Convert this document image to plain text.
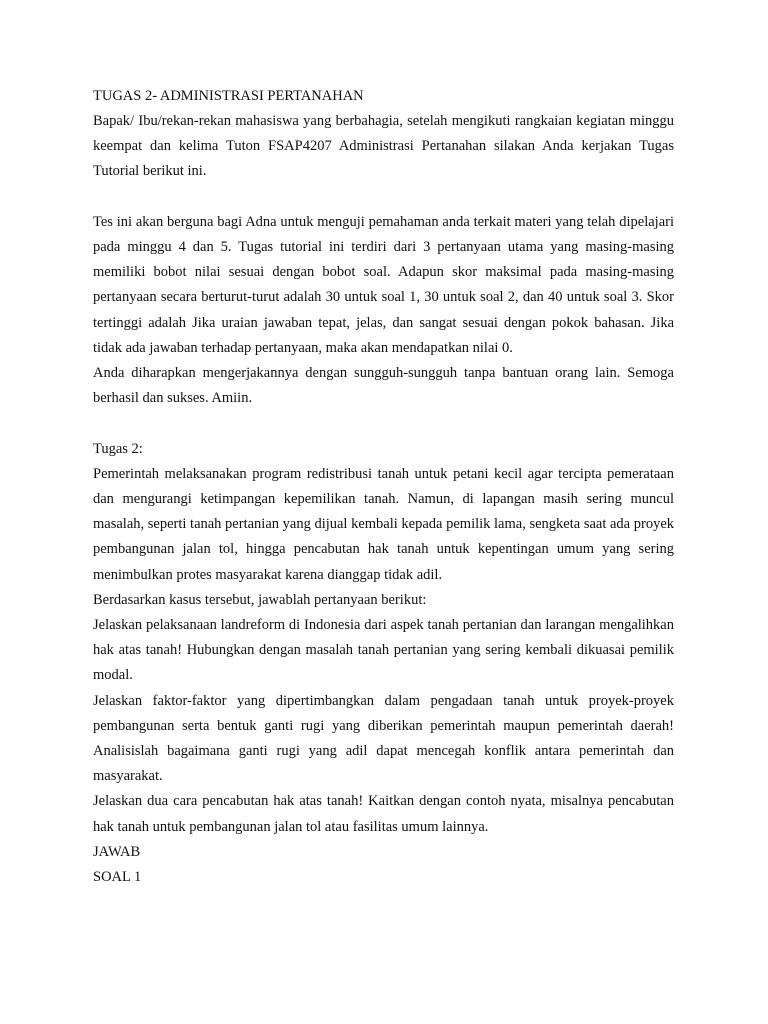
TUGAS 2- ADMINISTRASI PERTANAHAN

Bapak/ Ibu/rekan-rekan mahasiswa yang berbahagia, setelah mengikuti rangkaian kegiatan minggu keempat dan kelima Tuton FSAP4207 Administrasi Pertanahan silakan Anda kerjakan Tugas Tutorial berikut ini.

Tes ini akan berguna bagi Adna untuk menguji pemahaman anda terkait materi yang telah dipelajari pada minggu 4 dan 5. Tugas tutorial ini terdiri dari 3 pertanyaan utama yang masing-masing memiliki bobot nilai sesuai dengan bobot soal. Adapun skor maksimal pada masing-masing pertanyaan secara berturut-turut adalah 30 untuk soal 1, 30 untuk soal 2, dan 40 untuk soal 3. Skor tertinggi adalah Jika uraian jawaban tepat, jelas, dan sangat sesuai dengan pokok bahasan. Jika tidak ada jawaban terhadap pertanyaan, maka akan mendapatkan nilai 0.

Anda diharapkan mengerjakannya dengan sungguh-sungguh tanpa bantuan orang lain. Semoga berhasil dan sukses. Amiin.

Tugas 2:

Pemerintah melaksanakan program redistribusi tanah untuk petani kecil agar tercipta pemerataan dan mengurangi ketimpangan kepemilikan tanah. Namun, di lapangan masih sering muncul masalah, seperti tanah pertanian yang dijual kembali kepada pemilik lama, sengketa saat ada proyek pembangunan jalan tol, hingga pencabutan hak tanah untuk kepentingan umum yang sering menimbulkan protes masyarakat karena dianggap tidak adil.

Berdasarkan kasus tersebut, jawablah pertanyaan berikut:

Jelaskan pelaksanaan landreform di Indonesia dari aspek tanah pertanian dan larangan mengalihkan hak atas tanah! Hubungkan dengan masalah tanah pertanian yang sering kembali dikuasai pemilik modal.

Jelaskan faktor-faktor yang dipertimbangkan dalam pengadaan tanah untuk proyek-proyek pembangunan serta bentuk ganti rugi yang diberikan pemerintah maupun pemerintah daerah! Analisislah bagaimana ganti rugi yang adil dapat mencegah konflik antara pemerintah dan masyarakat.

Jelaskan dua cara pencabutan hak atas tanah! Kaitkan dengan contoh nyata, misalnya pencabutan hak tanah untuk pembangunan jalan tol atau fasilitas umum lainnya.

JAWAB

SOAL 1
